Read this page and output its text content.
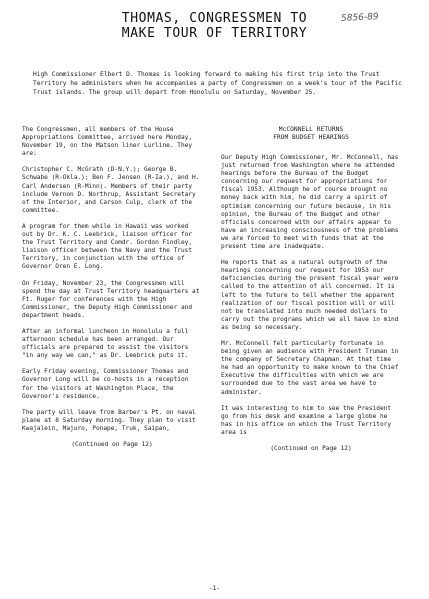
THOMAS, CONGRESSMEN TO
MAKE TOUR OF TERRITORY
5856-89
High Commissioner Elbert D. Thomas is looking forward to making his first trip into the Trust Territory he administers when he accompanies a party of Congressmen on a week's tour of the Pacific Trust islands. The group will depart from Honolulu on Saturday, November 25.

The Congressmen, all members of the House Appropriations Committee, arrived here Monday, November 19, on the Matson liner Lurline. They are:

Christopher C. McGrath (D-N.Y.); George B. Schwabe (R-Okla.); Ben F. Jensen (R-Ia.), and H. Carl Andersen (R-Minn). Members of their party include Vernon D. Northrup, Assistant Secretary of the Interior, and Carson Culp, clerk of the committee.

A program for them while in Hawaii was worked out by Dr. K. C. Leebrick, liaison officer for the Trust Territory and Comdr. Gordon Findley, liaison officer between the Navy and the Trust Territory, in conjunction with the office of Governor Oren E. Long.

On Friday, November 23, the Congressmen will spend the day at Trust Territory headquarters at Ft. Ruger for conferences with the High Commissioner, the Deputy High Commissioner and department heads.

After an informal luncheon in Honolulu a full afternoon schedule has been arranged. Our officials are prepared to assist the visitors "in any way we can," as Dr. Leebrick puts it.

Early Friday evening, Commissioner Thomas and Governor Long will be co-hosts in a reception for the visitors at Washington Place, the Governor's residence.

The party will leave from Barber's Pt. on naval plane at 8 Saturday morning. They plan to visit Kwajalein, Majuro, Ponape, Truk, Saipan,

(Continued on Page 12)
McCONNELL RETURNS
FROM BUDGET HEARINGS

Our Deputy High Commissioner, Mr. McConnell, has just returned from Washington where he attended hearings before the Bureau of the Budget concerning our request for appropriations for fiscal 1953. Although he of course brought no money back with him, he did carry a spirit of optimism concerning our future because, in his opinion, the Bureau of the Budget and other officials concerned with our affairs appear to have an increasing consciousness of the problems we are forced to meet with funds that at the present time are inadequate.

He reports that as a natural outgrowth of the hearings concerning our request for 1953 our deficiencies during the present fiscal year were called to the attention of all concerned. It is left to the future to tell whether the apparent realization of our fiscal position will or will not be translated into much needed dollars to carry out the programs which we all have in mind as being so necessary.

Mr. McConnell felt particularly fortunate in being given an audience with President Truman in the company of Secretary Chapman. At that time he had an opportunity to make known to the Chief Executive the difficulties with which we are surrounded due to the vast area we have to administer.

It was interesting to him to see the President go from his desk and examine a large globe he has in his office on which the Trust Territory area is

(Continued on Page 12)
-1-
